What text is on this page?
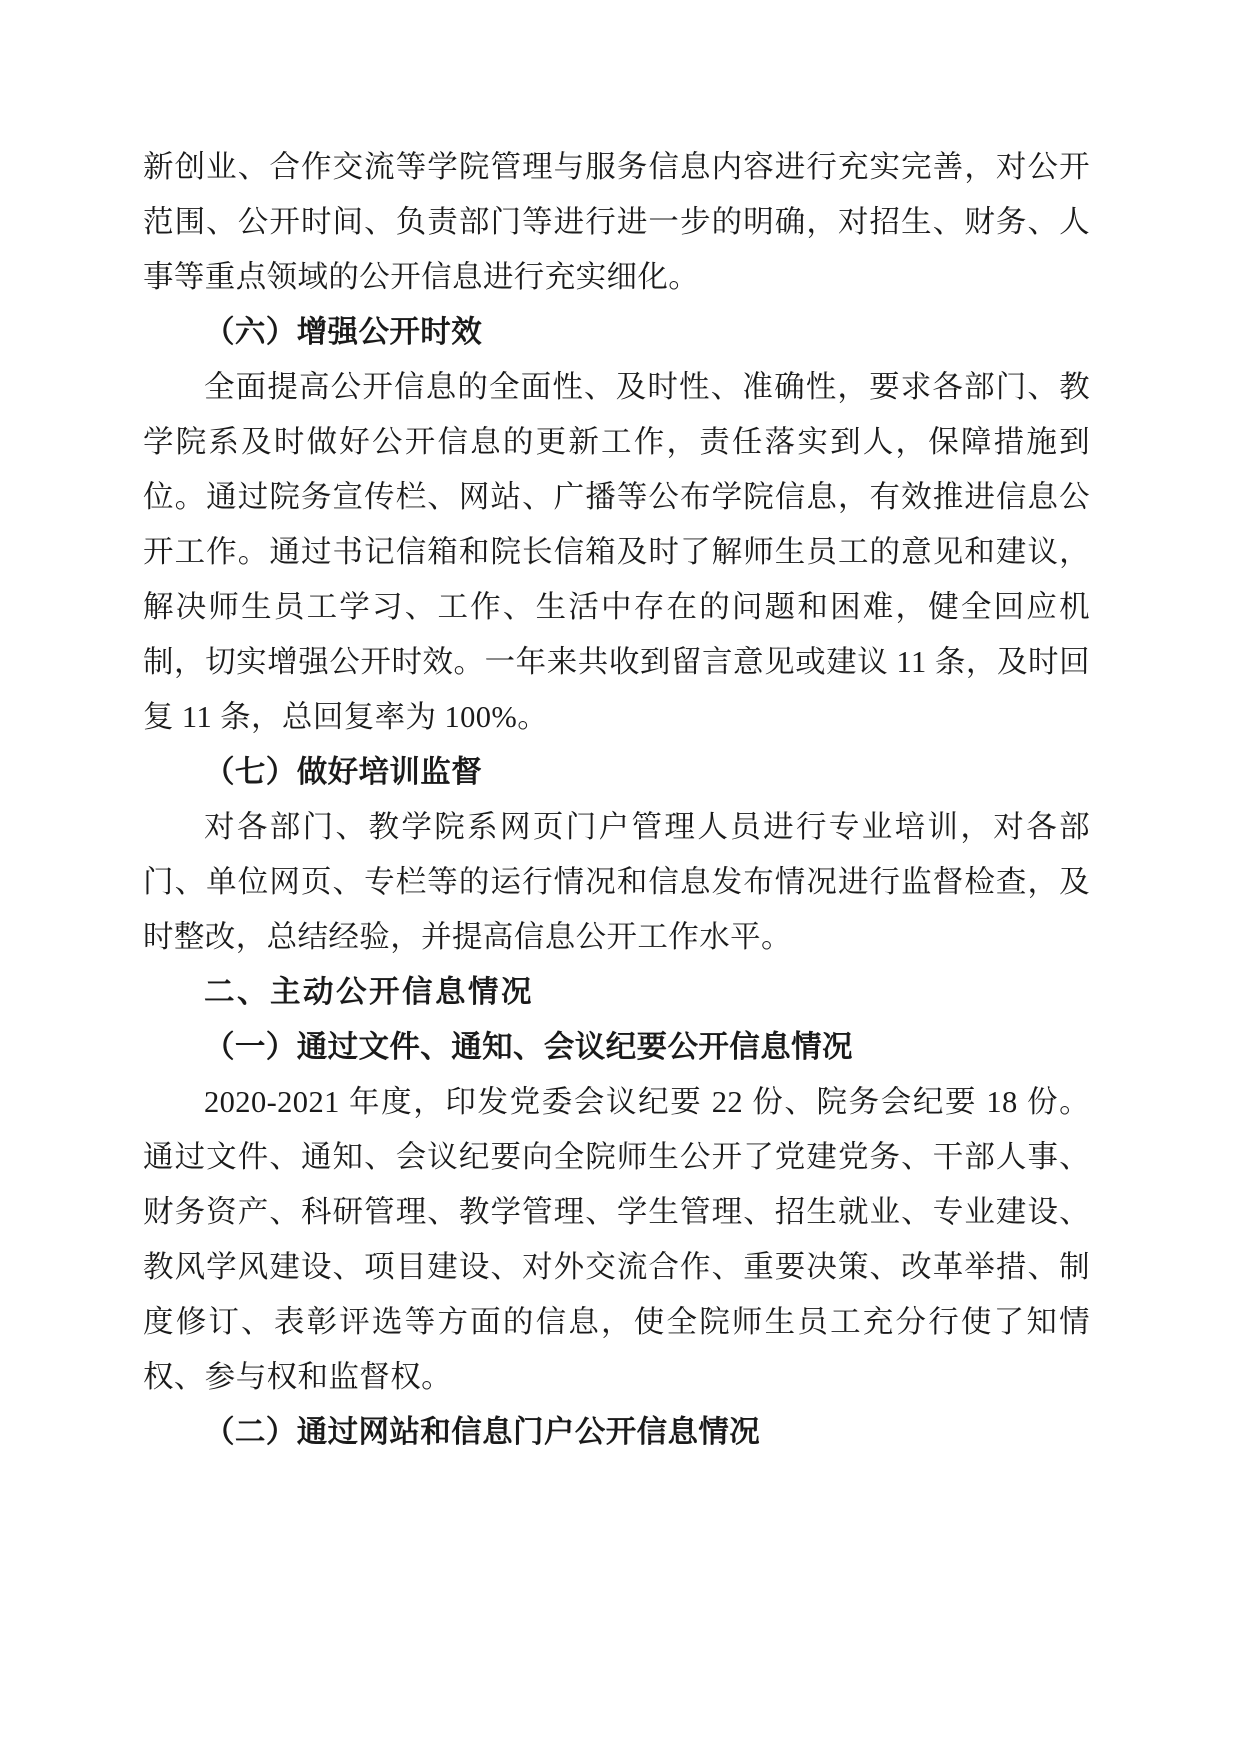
新创业、合作交流等学院管理与服务信息内容进行充实完善，对公开范围、公开时间、负责部门等进行进一步的明确，对招生、财务、人事等重点领域的公开信息进行充实细化。

（六）增强公开时效

全面提高公开信息的全面性、及时性、准确性，要求各部门、教学院系及时做好公开信息的更新工作，责任落实到人，保障措施到位。通过院务宣传栏、网站、广播等公布学院信息，有效推进信息公开工作。通过书记信箱和院长信箱及时了解师生员工的意见和建议，解决师生员工学习、工作、生活中存在的问题和困难，健全回应机制，切实增强公开时效。一年来共收到留言意见或建议 11 条，及时回复 11 条，总回复率为 100%。

（七）做好培训监督

对各部门、教学院系网页门户管理人员进行专业培训，对各部门、单位网页、专栏等的运行情况和信息发布情况进行监督检查，及时整改，总结经验，并提高信息公开工作水平。

二、主动公开信息情况

（一）通过文件、通知、会议纪要公开信息情况

2020-2021 年度，印发党委会议纪要 22 份、院务会纪要 18 份。通过文件、通知、会议纪要向全院师生公开了党建党务、干部人事、财务资产、科研管理、教学管理、学生管理、招生就业、专业建设、教风学风建设、项目建设、对外交流合作、重要决策、改革举措、制度修订、表彰评选等方面的信息，使全院师生员工充分行使了知情权、参与权和监督权。

（二）通过网站和信息门户公开信息情况
